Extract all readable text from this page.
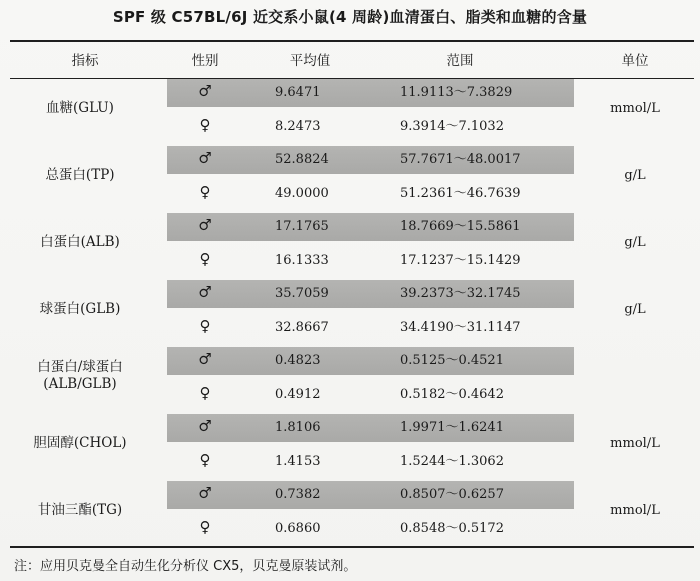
SPF 级 C57BL/6J 近交系小鼠(4 周龄)血清蛋白、脂类和血糖的含量
指标	性别	平均值	范围	单位
血糖(GLU)
♂	9.6471	11.9113～7.3829
♀	8.2473	9.3914～7.1032
mmol/L
总蛋白(TP)
♂	52.8824	57.7671～48.0017
♀	49.0000	51.2361～46.7639
g/L
白蛋白(ALB)
♂	17.1765	18.7669～15.5861
♀	16.1333	17.1237～15.1429
g/L
球蛋白(GLB)
♂	35.7059	39.2373～32.1745
♀	32.8667	34.4190～31.1147
g/L
白蛋白/球蛋白
(ALB/GLB)
♂	0.4823	0.5125～0.4521
♀	0.4912	0.5182～0.4642
胆固醇(CHOL)
♂	1.8106	1.9971～1.6241
♀	1.4153	1.5244～1.3062
mmol/L
甘油三酯(TG)
♂	0.7382	0.8507～0.6257
♀	0.6860	0.8548～0.5172
mmol/L
注：应用贝克曼全自动生化分析仪 CX5，贝克曼原装试剂。
